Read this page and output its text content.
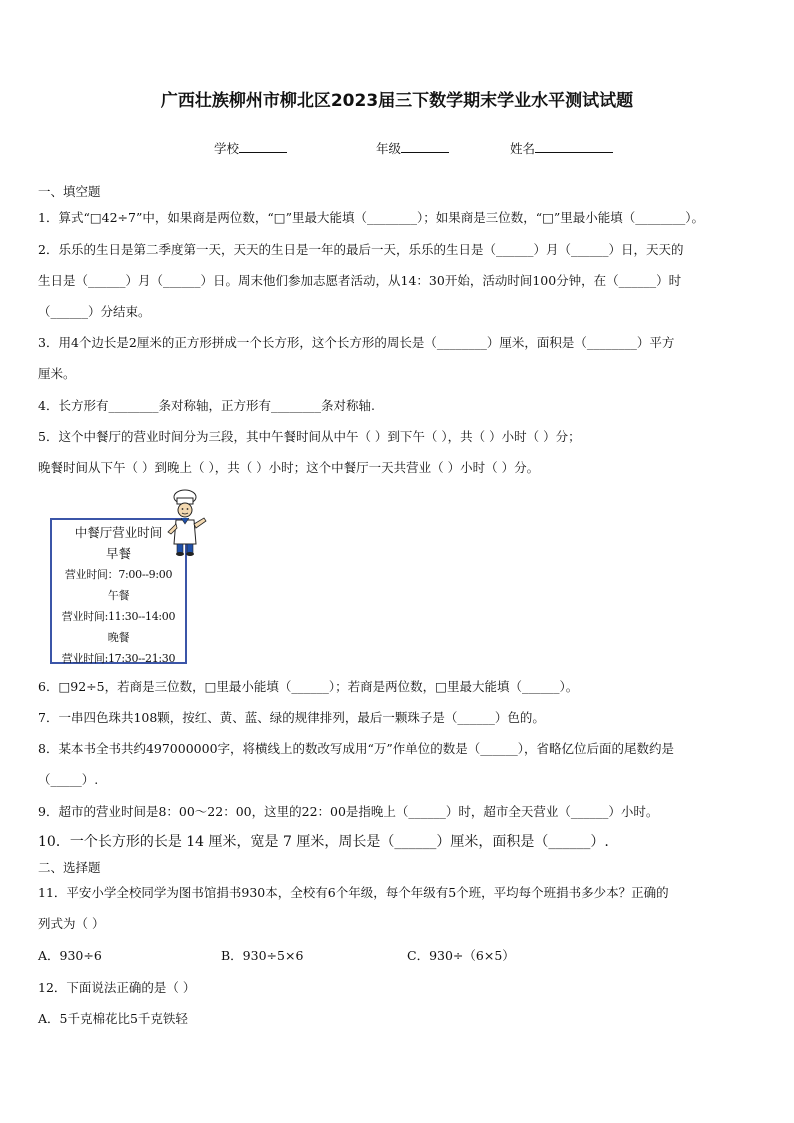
广西壮族柳州市柳北区2023届三下数学期末学业水平测试试题
学校	年级	姓名
一、填空题
1．算式“□42÷7”中，如果商是两位数，“□”里最大能填（________）；如果商是三位数，“□”里最小能填（________）。
2．乐乐的生日是第二季度第一天，天天的生日是一年的最后一天，乐乐的生日是（______）月（______）日，天天的
生日是（______）月（______）日。周末他们参加志愿者活动，从14：30开始，活动时间100分钟，在（______）时
（______）分结束。
3．用4个边长是2厘米的正方形拼成一个长方形，这个长方形的周长是（________）厘米，面积是（________）平方
厘米。
4．长方形有________条对称轴，正方形有________条对称轴.
5．这个中餐厅的营业时间分为三段，其中午餐时间从中午（ ）到下午（ ），共（ ）小时（ ）分；
晚餐时间从下午（ ）到晚上（ ），共（ ）小时；这个中餐厅一天共营业（ ）小时（ ）分。
中餐厅营业时间
早餐
营业时间：7:00--9:00
午餐
营业时间:11:30--14:00
晚餐
营业时间:17:30--21:30
6．□92÷5，若商是三位数，□里最小能填（______）；若商是两位数，□里最大能填（______）。
7．一串四色珠共108颗，按红、黄、蓝、绿的规律排列，最后一颗珠子是（______）色的。
8．某本书全书共约497000000字，将横线上的数改写成用“万”作单位的数是（______），省略亿位后面的尾数约是
（_____）.
9．超市的营业时间是8：00～22：00，这里的22：00是指晚上（______）时，超市全天营业（______）小时。
10．一个长方形的长是 14 厘米，宽是 7 厘米，周长是（______）厘米，面积是（______）.
二、选择题
11．平安小学全校同学为图书馆捐书930本，全校有6个年级，每个年级有5个班，平均每个班捐书多少本？正确的
列式为（ ）
A．930÷6	B．930÷5×6	C．930÷（6×5）
12．下面说法正确的是（ ）
A．5千克棉花比5千克铁轻
